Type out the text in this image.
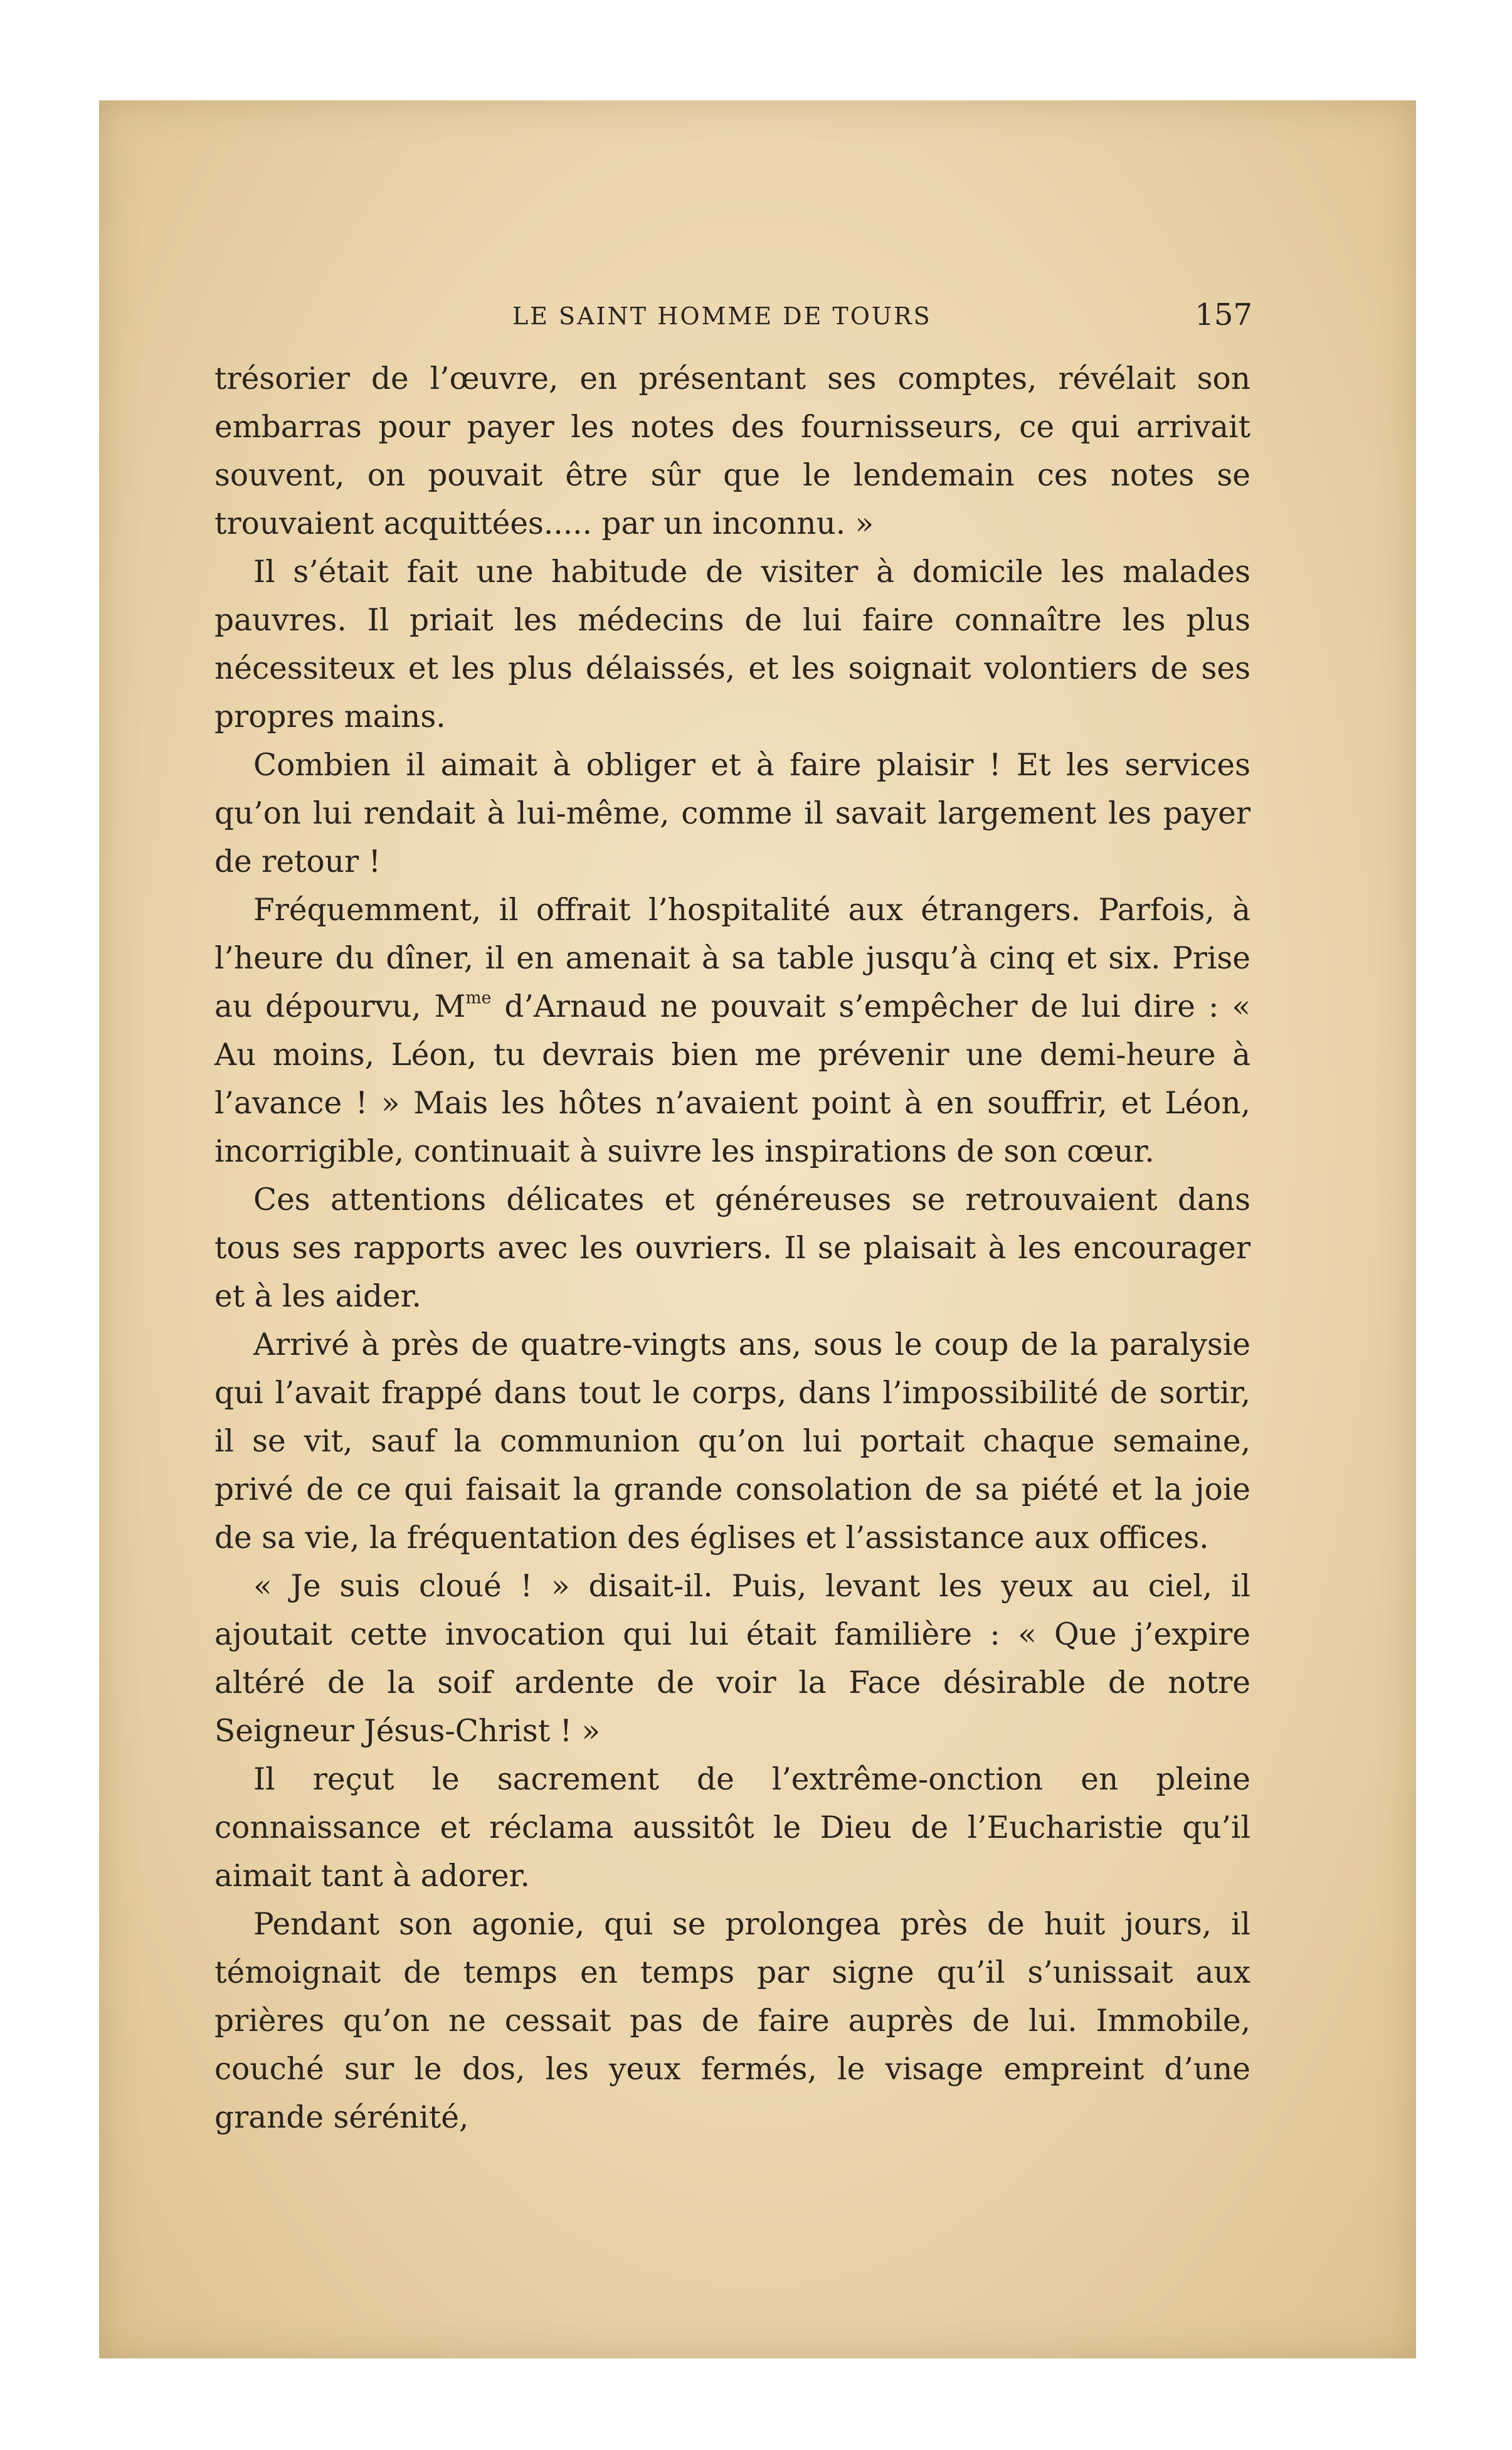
LE SAINT HOMME DE TOURS	157

trésorier de l’œuvre, en présentant ses comptes, révélait son embarras pour payer les notes des fournisseurs, ce qui arrivait souvent, on pouvait être sûr que le lendemain ces notes se trouvaient acquittées..... par un inconnu. »

Il s’était fait une habitude de visiter à domicile les malades pauvres. Il priait les médecins de lui faire connaître les plus nécessiteux et les plus délaissés, et les soignait volontiers de ses propres mains.

Combien il aimait à obliger et à faire plaisir ! Et les services qu’on lui rendait à lui-même, comme il savait largement les payer de retour !

Fréquemment, il offrait l’hospitalité aux étrangers. Parfois, à l’heure du dîner, il en amenait à sa table jusqu’à cinq et six. Prise au dépourvu, $M^{me}$ d’Arnaud ne pouvait s’empêcher de lui dire : « Au moins, Léon, tu devrais bien me prévenir une demi-heure à l’avance ! » Mais les hôtes n’avaient point à en souffrir, et Léon, incorrigible, continuait à suivre les inspirations de son cœur.

Ces attentions délicates et généreuses se retrouvaient dans tous ses rapports avec les ouvriers. Il se plaisait à les encourager et à les aider.

Arrivé à près de quatre-vingts ans, sous le coup de la paralysie qui l’avait frappé dans tout le corps, dans l’impossibilité de sortir, il se vit, sauf la communion qu’on lui portait chaque semaine, privé de ce qui faisait la grande consolation de sa piété et la joie de sa vie, la fréquentation des églises et l’assistance aux offices.

« Je suis cloué ! » disait-il. Puis, levant les yeux au ciel, il ajoutait cette invocation qui lui était familière : « Que j’expire altéré de la soif ardente de voir la Face désirable de notre Seigneur Jésus-Christ ! »

Il reçut le sacrement de l’extrême-onction en pleine connaissance et réclama aussitôt le Dieu de l’Eucharistie qu’il aimait tant à adorer.

Pendant son agonie, qui se prolongea près de huit jours, il témoignait de temps en temps par signe qu’il s’unissait aux prières qu’on ne cessait pas de faire auprès de lui. Immobile, couché sur le dos, les yeux fermés, le visage empreint d’une grande sérénité,
